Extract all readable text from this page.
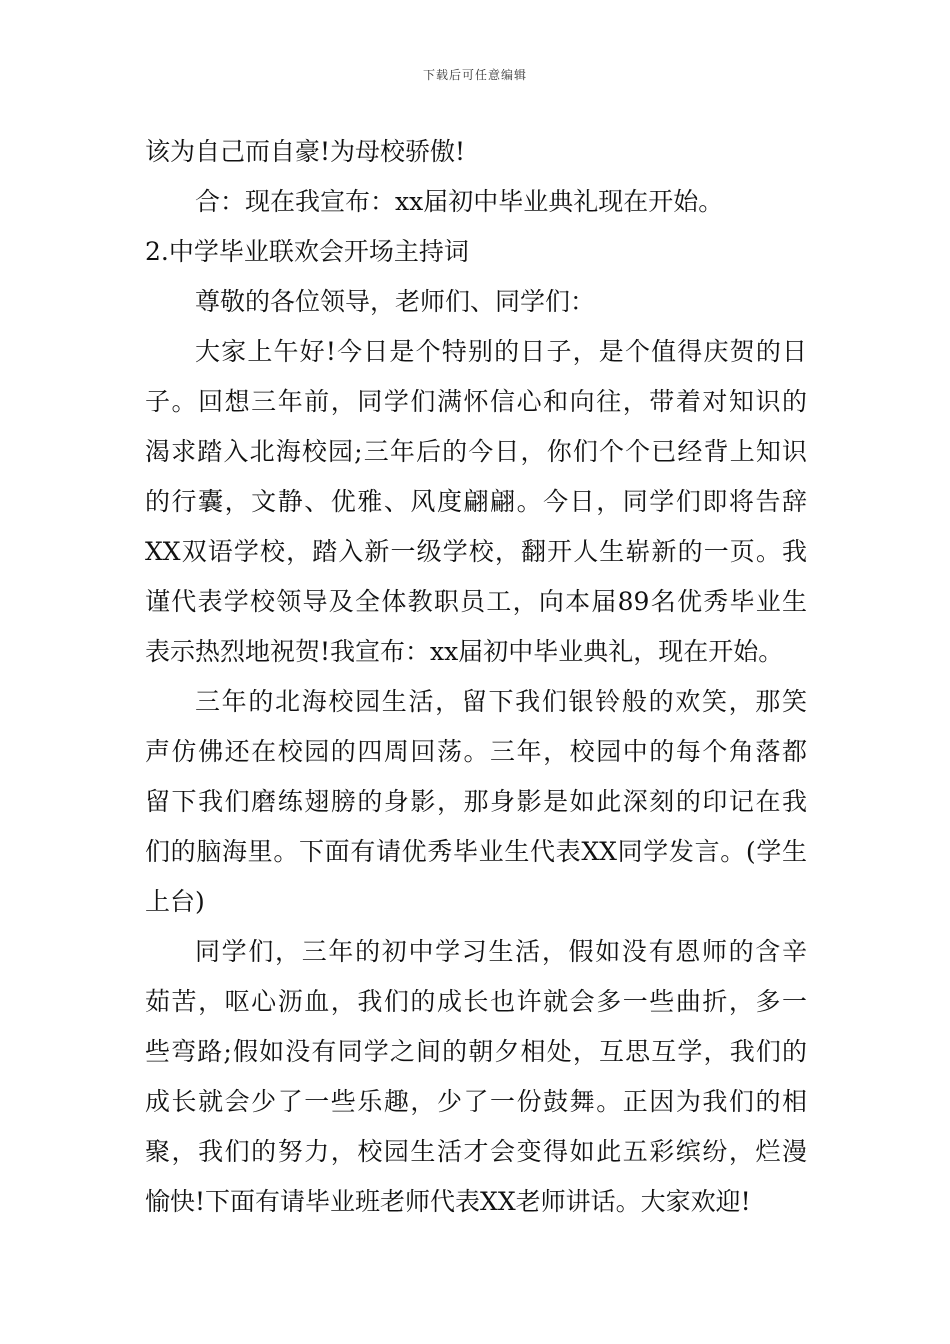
下载后可任意编辑
该为自己而自豪!为母校骄傲!
合：现在我宣布：xx届初中毕业典礼现在开始。
2.中学毕业联欢会开场主持词
尊敬的各位领导，老师们、同学们：
大家上午好!今日是个特别的日子，是个值得庆贺的日
子。回想三年前，同学们满怀信心和向往，带着对知识的
渴求踏入北海校园;三年后的今日，你们个个已经背上知识
的行囊，文静、优雅、风度翩翩。今日，同学们即将告辞
XX双语学校，踏入新一级学校，翻开人生崭新的一页。我
谨代表学校领导及全体教职员工，向本届89名优秀毕业生
表示热烈地祝贺!我宣布：xx届初中毕业典礼，现在开始。
三年的北海校园生活，留下我们银铃般的欢笑，那笑
声仿佛还在校园的四周回荡。三年，校园中的每个角落都
留下我们磨练翅膀的身影，那身影是如此深刻的印记在我
们的脑海里。下面有请优秀毕业生代表XX同学发言。(学生
上台)
同学们，三年的初中学习生活，假如没有恩师的含辛
茹苦，呕心沥血，我们的成长也许就会多一些曲折，多一
些弯路;假如没有同学之间的朝夕相处，互思互学，我们的
成长就会少了一些乐趣，少了一份鼓舞。正因为我们的相
聚，我们的努力，校园生活才会变得如此五彩缤纷，烂漫
愉快!下面有请毕业班老师代表XX老师讲话。大家欢迎!
